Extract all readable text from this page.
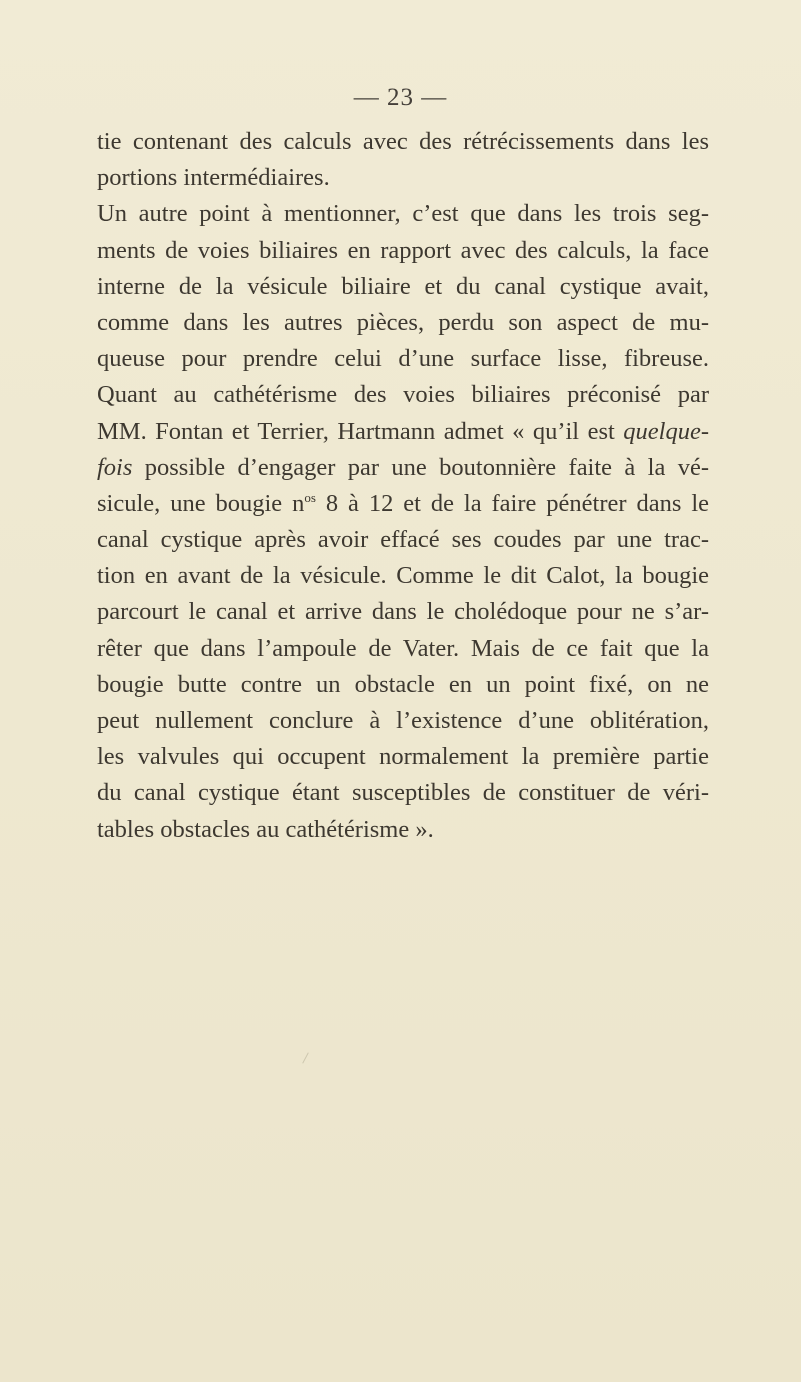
— 23 —
tie contenant des calculs avec des rétrécissements dans les
portions intermédiaires.
Un autre point à mentionner, c’est que dans les trois seg-
ments de voies biliaires en rapport avec des calculs, la face
interne de la vésicule biliaire et du canal cystique avait,
comme dans les autres pièces, perdu son aspect de mu-
queuse pour prendre celui d’une surface lisse, fibreuse.
Quant au cathétérisme des voies biliaires préconisé par
MM. Fontan et Terrier, Hartmann admet « qu’il est quelque-
fois possible d’engager par une boutonnière faite à la vé-
sicule, une bougie $n^{os}$ 8 à 12 et de la faire pénétrer dans le
canal cystique après avoir effacé ses coudes par une trac-
tion en avant de la vésicule. Comme le dit Calot, la bougie
parcourt le canal et arrive dans le cholédoque pour ne s’ar-
rêter que dans l’ampoule de Vater. Mais de ce fait que la
bougie butte contre un obstacle en un point fixé, on ne
peut nullement conclure à l’existence d’une oblitération,
les valvules qui occupent normalement la première partie
du canal cystique étant susceptibles de constituer de véri-
tables obstacles au cathétérisme ».
